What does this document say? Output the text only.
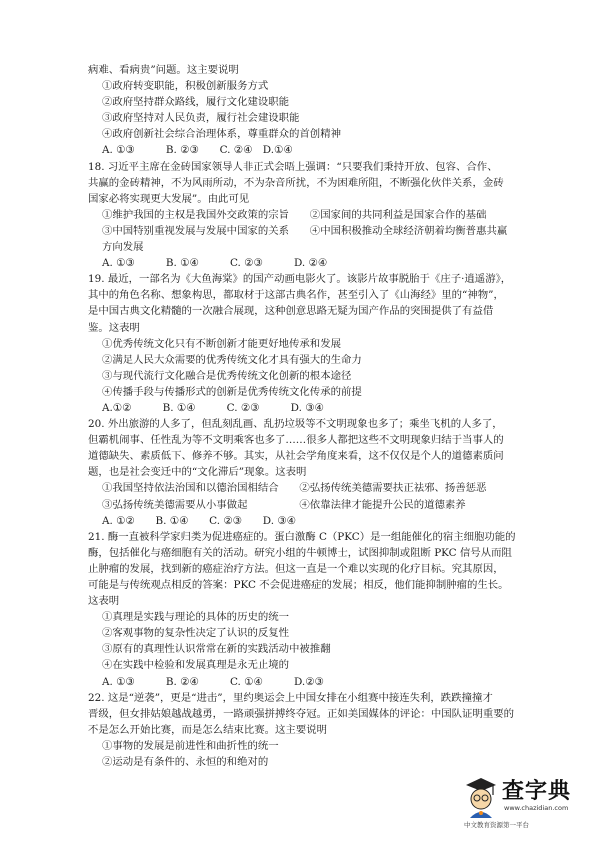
病难、看病贵”问题。这主要说明
①政府转变职能，积极创新服务方式
②政府坚持群众路线，履行文化建设职能
③政府坚持对人民负责，履行社会建设职能
④政府创新社会综合治理体系，尊重群众的首创精神
A. ①③　　　B. ②③　　C. ②④　D.①④
18. 习近平主席在金砖国家领导人非正式会晤上强调：“只要我们秉持开放、包容、合作、
共赢的金砖精神，不为风雨所动，不为杂音所扰，不为困难所阻，不断强化伙伴关系，金砖
国家必将实现更大发展”。由此可见
①维护我国的主权是我国外交政策的宗旨　　②国家间的共同利益是国家合作的基础
③中国特别重视发展与发展中国家的关系　　④中国积极推动全球经济朝着均衡普惠共赢
方向发展
A. ①③　　　B. ①④　　　C. ②③　　　D. ②④
19. 最近，一部名为《大鱼海棠》的国产动画电影火了。该影片故事脱胎于《庄子·逍遥游》，
其中的角色名称、想象构思，都取材于这部古典名作，甚至引入了《山海经》里的“神物”，
是中国古典文化精髓的一次融合展现，这种创意思路无疑为国产作品的突围提供了有益借
鉴。这表明
①优秀传统文化只有不断创新才能更好地传承和发展
②满足人民大众需要的优秀传统文化才具有强大的生命力
③与现代流行文化融合是优秀传统文化创新的根本途径
④传播手段与传播形式的创新是优秀传统文化传承的前提
A.①②　　　B. ①④　　　C. ②③　　　D. ③④
20. 外出旅游的人多了，但乱刻乱画、乱扔垃圾等不文明现象也多了；乘坐飞机的人多了，
但霸机闹事、任性乱为等不文明乘客也多了……很多人都把这些不文明现象归结于当事人的
道德缺失、素质低下、修养不够。其实，从社会学角度来看，这不仅仅是个人的道德素质问
题，也是社会变迁中的“文化滞后”现象。这表明
①我国坚持依法治国和以德治国相结合　　②弘扬传统美德需要扶正祛邪、扬善惩恶
③弘扬传统美德需要从小事做起　　　　　④依靠法律才能提升公民的道德素养
A. ①②　　B. ①④　　C. ②③　　D. ③④
21. 酶一直被科学家归类为促进癌症的。蛋白激酶 C（PKC）是一组能催化的宿主细胞功能的
酶，包括催化与癌细胞有关的活动。研究小组的牛顿博士，试图抑制或阻断 PKC 信号从而阻
止肿瘤的发展，找到新的癌症治疗方法。但这一直是一个难以实现的化疗目标。究其原因，
可能是与传统观点相反的答案：PKC 不会促进癌症的发展；相反，他们能抑制肿瘤的生长。
这表明
①真理是实践与理论的具体的历史的统一
②客观事物的复杂性决定了认识的反复性
③原有的真理性认识常常在新的实践活动中被推翻
④在实践中检验和发展真理是永无止境的
A. ①③　　　B. ②④　　　C. ①④　　　D.②③
22. 这是“逆袭”，更是“进击”，里约奥运会上中国女排在小组赛中接连失利，跌跌撞撞才
晋级，但女排姑娘越战越勇，一路顽强拼搏终夺冠。正如美国媒体的评论：中国队证明重要的
不是怎么开始比赛，而是怎么结束比赛。这主要说明
①事物的发展是前进性和曲折性的统一
②运动是有条件的、永恒的和绝对的
查字典
www.chazidian.com
中文教育资源第一平台
